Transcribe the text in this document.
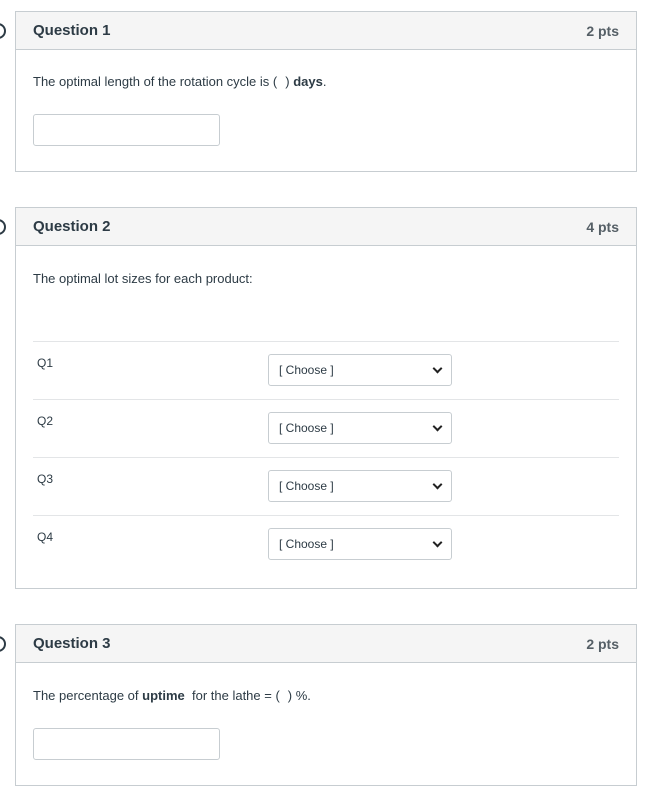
Question 1	2 pts
The optimal length of the rotation cycle is ( ) days.
Question 2	4 pts
The optimal lot sizes for each product:
Q1	[ Choose ]
Q2	[ Choose ]
Q3	[ Choose ]
Q4	[ Choose ]
Question 3	2 pts
The percentage of uptime  for the lathe = ( ) %.
